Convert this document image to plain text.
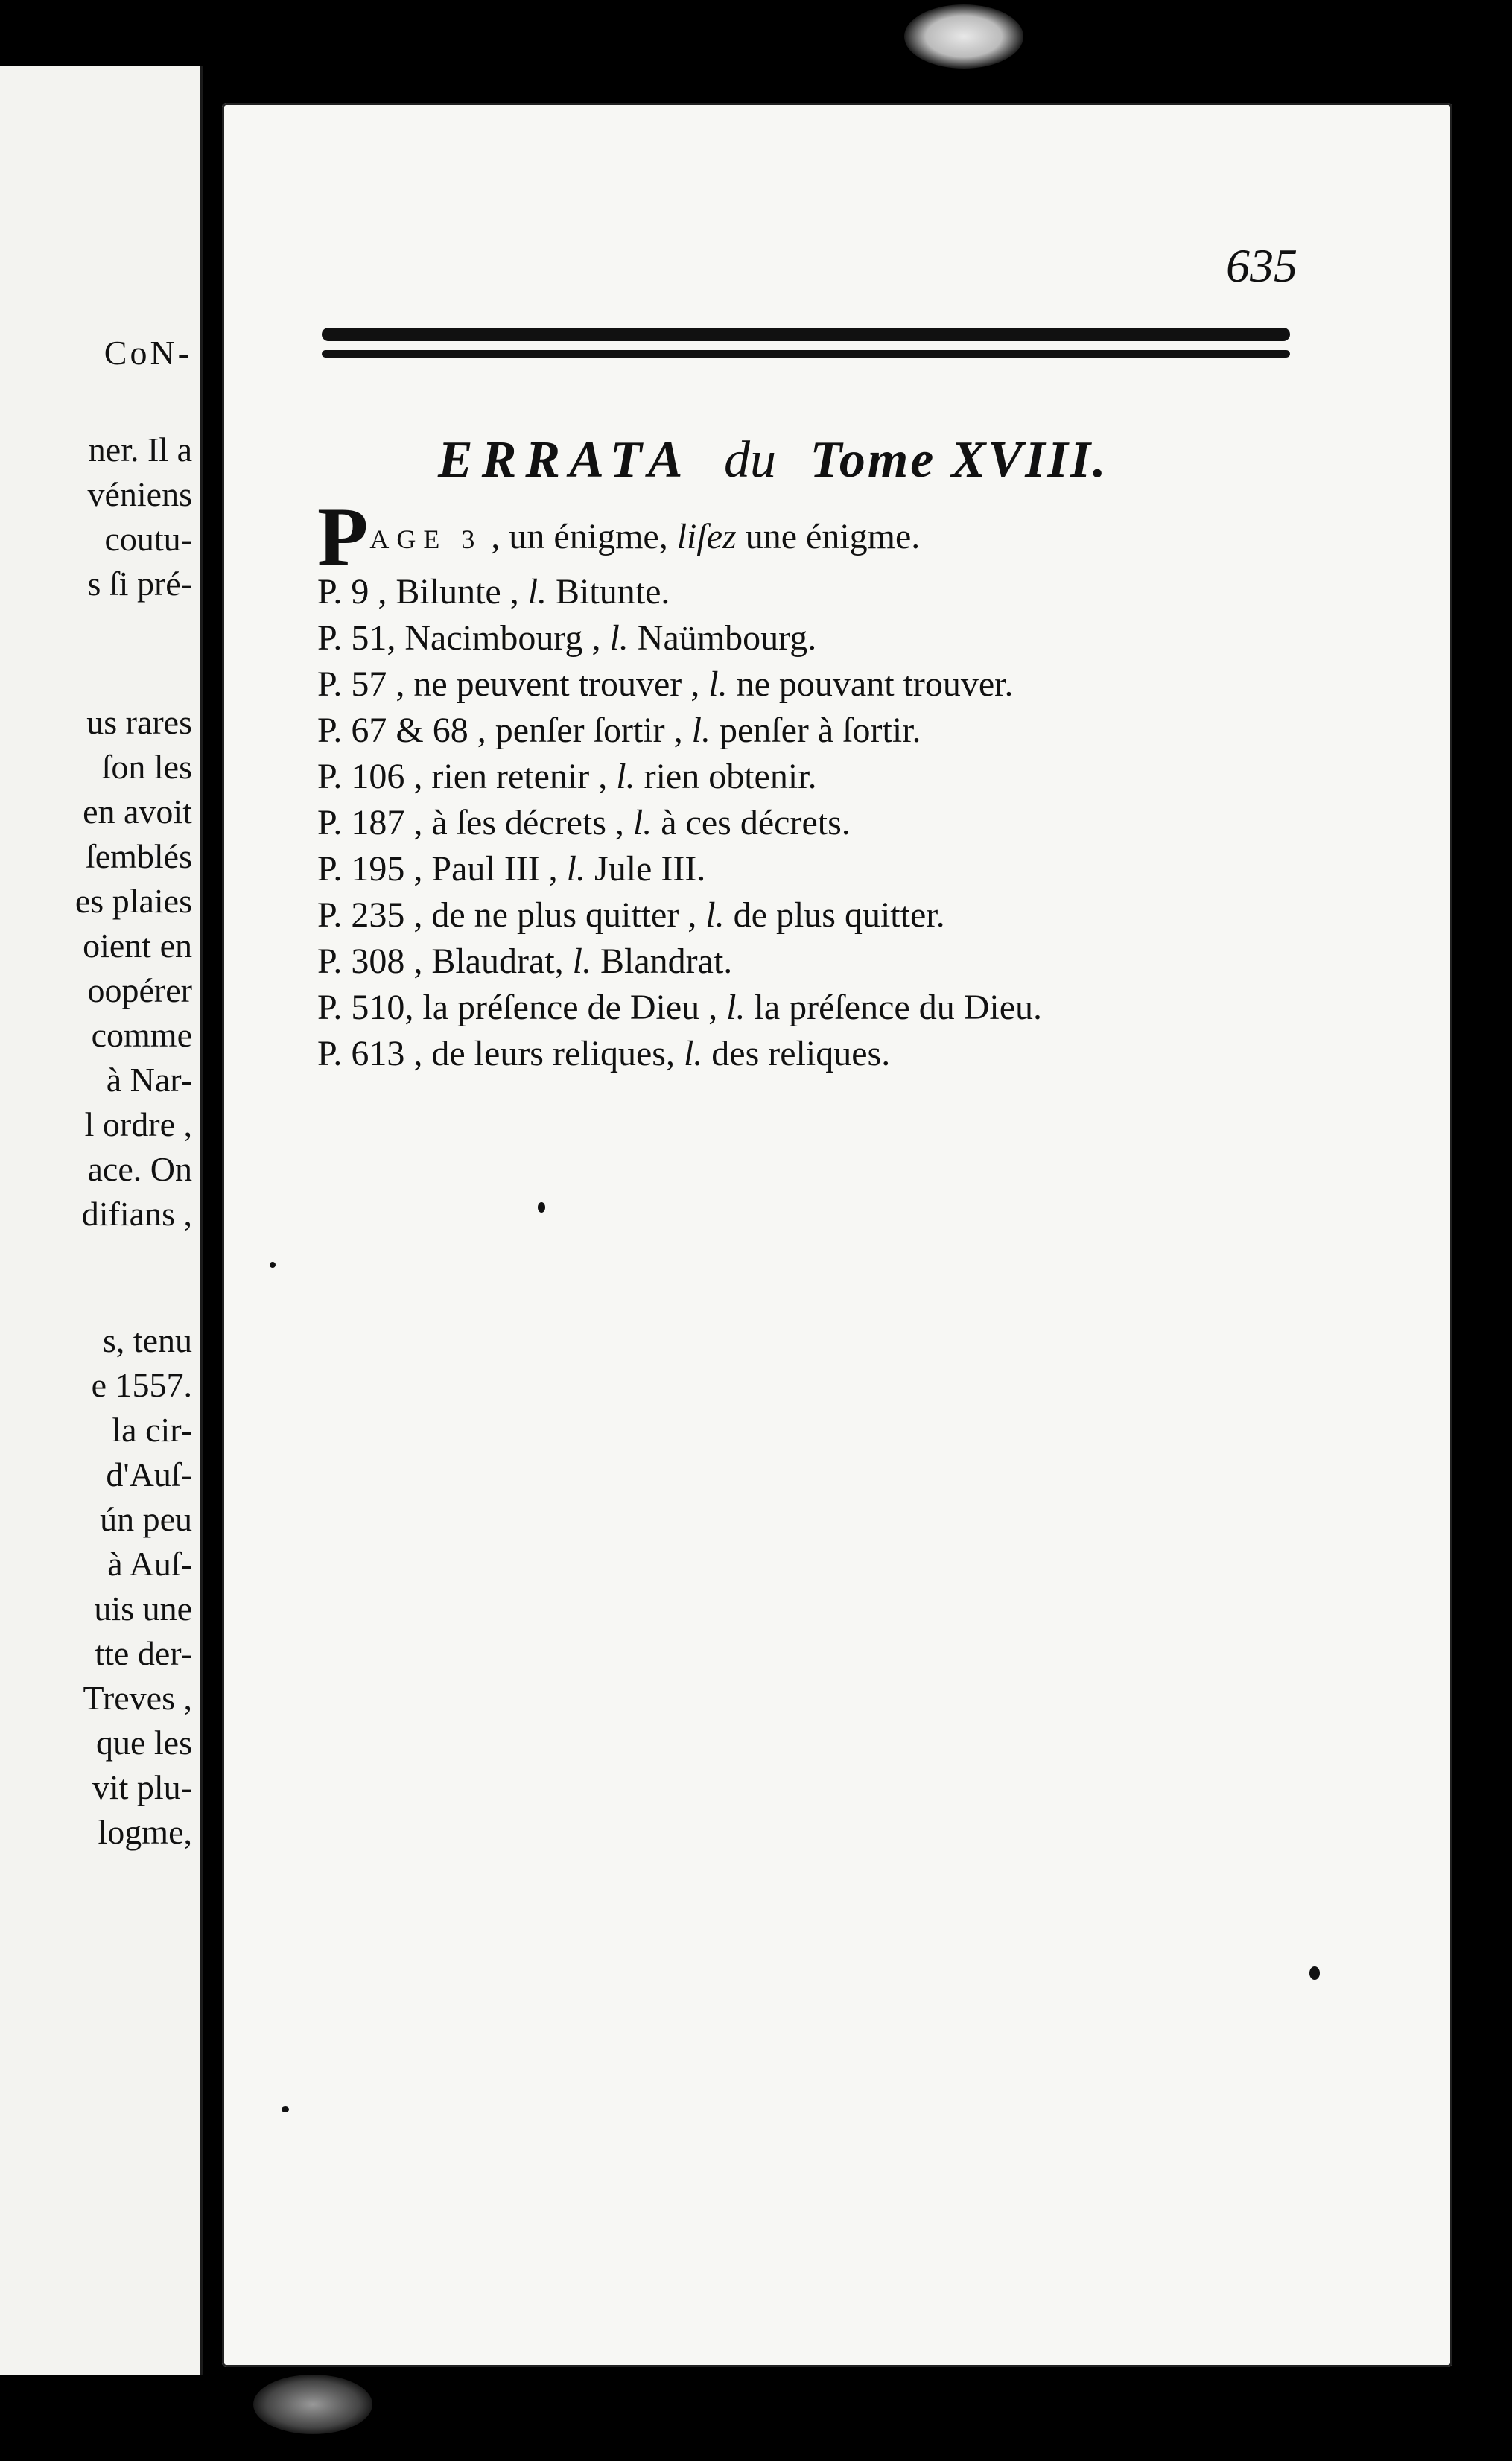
CoN-
ner. Il a
véniens
coutu-
s ſi pré-
us rares
ſon les
en avoit
ſemblés
es plaies
oient en
oopérer
comme
à Nar-
l ordre ,
ace. On
difians ,
s, tenu
e 1557.
la cir-
d'Auſ-
ún peu
à Auſ-
uis une
tte der-
Treves ,
que les
vit plu-
logme,
635
ERRATA du Tome XVIII.
PAGE 3 , un énigme, liſez une énigme.
P. 9 , Bilunte , l. Bitunte.
P. 51, Nacimbourg , l. Naümbourg.
P. 57 , ne peuvent trouver , l. ne pouvant trouver.
P. 67 & 68 , penſer ſortir , l. penſer à ſortir.
P. 106 , rien retenir , l. rien obtenir.
P. 187 , à ſes décrets , l. à ces décrets.
P. 195 , Paul III , l. Jule III.
P. 235 , de ne plus quitter , l. de plus quitter.
P. 308 , Blaudrat, l. Blandrat.
P. 510, la préſence de Dieu , l. la préſence du Dieu.
P. 613 , de leurs reliques, l. des reliques.
